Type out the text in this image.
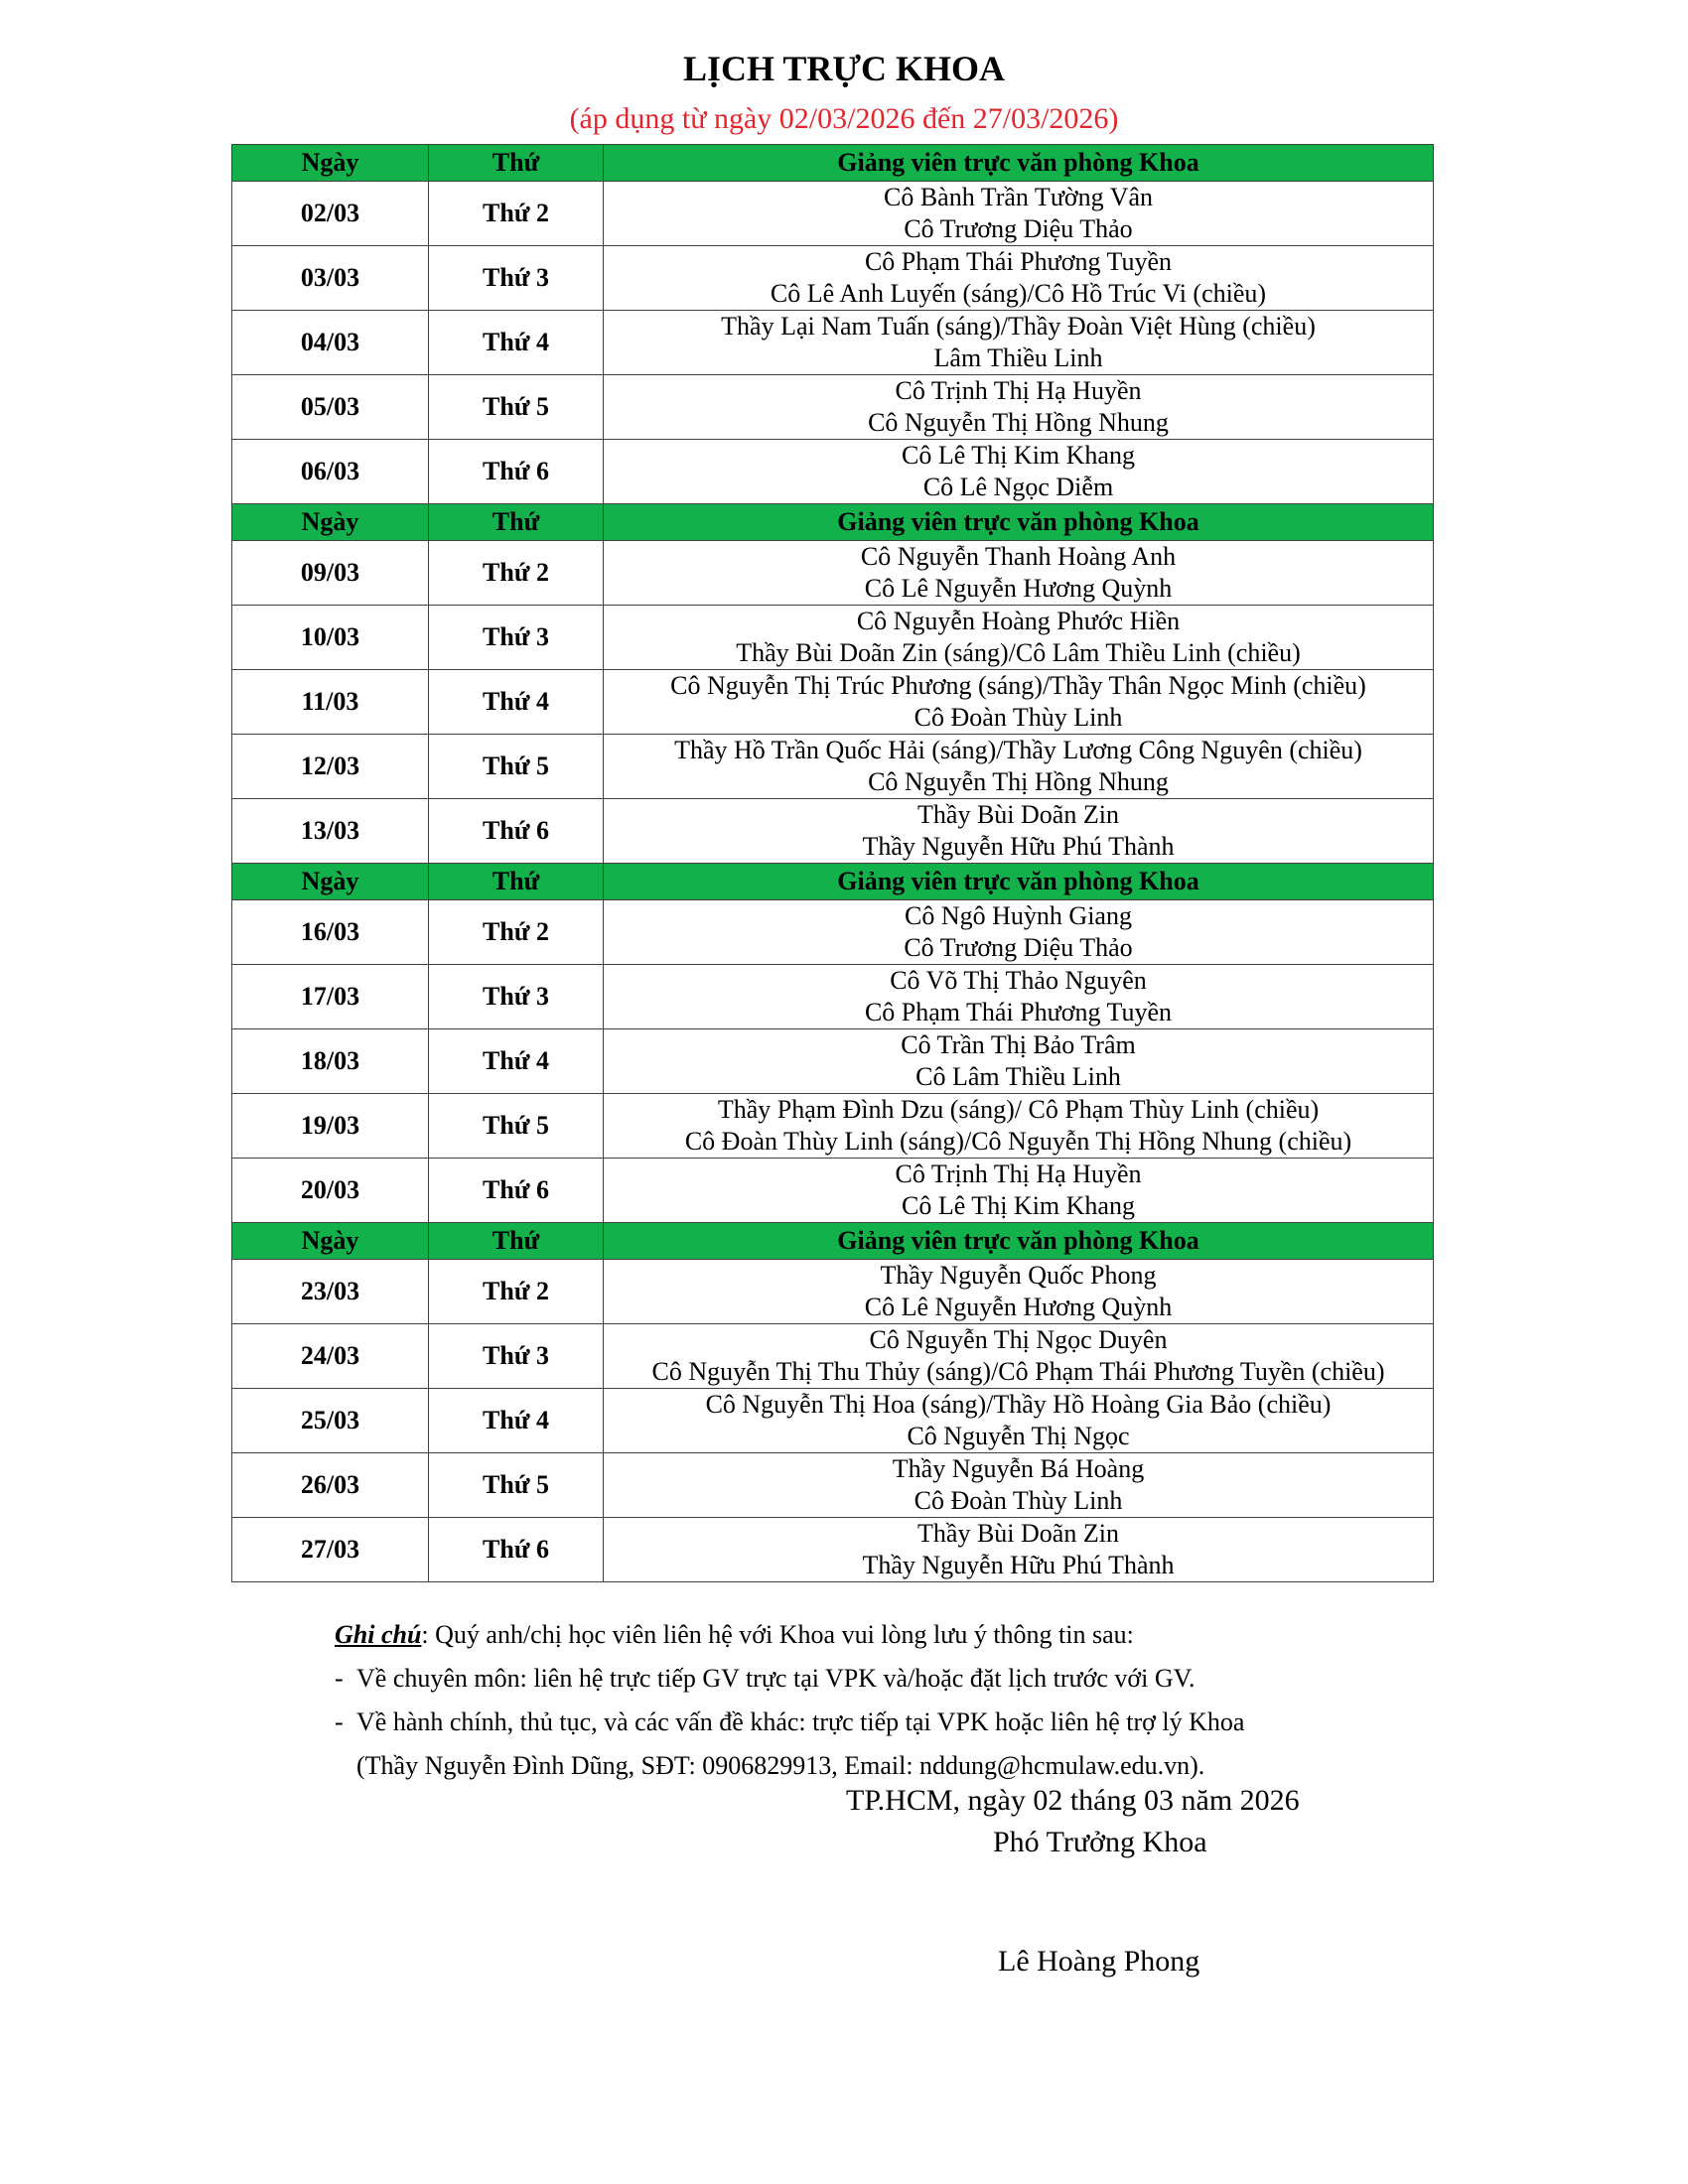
LỊCH TRỰC KHOA
(áp dụng từ ngày 02/03/2026 đến 27/03/2026)
Ngày	Thứ	Giảng viên trực văn phòng Khoa
02/03	Thứ 2	Cô Bành Trần Tường Vân
Cô Trương Diệu Thảo

03/03	Thứ 3	Cô Phạm Thái Phương Tuyền
Cô Lê Anh Luyến (sáng)/Cô Hồ Trúc Vi (chiều)

04/03	Thứ 4	Thầy Lại Nam Tuấn (sáng)/Thầy Đoàn Việt Hùng (chiều)
Lâm Thiều Linh

05/03	Thứ 5	Cô Trịnh Thị Hạ Huyền
Cô Nguyễn Thị Hồng Nhung

06/03	Thứ 6	Cô Lê Thị Kim Khang
Cô Lê Ngọc Diễm

Ngày	Thứ	Giảng viên trực văn phòng Khoa
09/03	Thứ 2	Cô Nguyễn Thanh Hoàng Anh
Cô Lê Nguyễn Hương Quỳnh

10/03	Thứ 3	Cô Nguyễn Hoàng Phước Hiền
Thầy Bùi Doãn Zin (sáng)/Cô Lâm Thiều Linh (chiều)

11/03	Thứ 4	Cô Nguyễn Thị Trúc Phương (sáng)/Thầy Thân Ngọc Minh (chiều)
Cô Đoàn Thùy Linh

12/03	Thứ 5	Thầy Hồ Trần Quốc Hải (sáng)/Thầy Lương Công Nguyên (chiều)
Cô Nguyễn Thị Hồng Nhung

13/03	Thứ 6	Thầy Bùi Doãn Zin
Thầy Nguyễn Hữu Phú Thành

Ngày	Thứ	Giảng viên trực văn phòng Khoa
16/03	Thứ 2	Cô Ngô Huỳnh Giang
Cô Trương Diệu Thảo

17/03	Thứ 3	Cô Võ Thị Thảo Nguyên
Cô Phạm Thái Phương Tuyền

18/03	Thứ 4	Cô Trần Thị Bảo Trâm
Cô Lâm Thiều Linh

19/03	Thứ 5	Thầy Phạm Đình Dzu (sáng)/ Cô Phạm Thùy Linh (chiều)
Cô Đoàn Thùy Linh (sáng)/Cô Nguyễn Thị Hồng Nhung (chiều)

20/03	Thứ 6	Cô Trịnh Thị Hạ Huyền
Cô Lê Thị Kim Khang

Ngày	Thứ	Giảng viên trực văn phòng Khoa
23/03	Thứ 2	Thầy Nguyễn Quốc Phong
Cô Lê Nguyễn Hương Quỳnh

24/03	Thứ 3	Cô Nguyễn Thị Ngọc Duyên
Cô Nguyễn Thị Thu Thủy (sáng)/Cô Phạm Thái Phương Tuyền (chiều)

25/03	Thứ 4	Cô Nguyễn Thị Hoa (sáng)/Thầy Hồ Hoàng Gia Bảo (chiều)
Cô Nguyễn Thị Ngọc

26/03	Thứ 5	Thầy Nguyễn Bá Hoàng
Cô Đoàn Thùy Linh

27/03	Thứ 6	Thầy Bùi Doãn Zin
Thầy Nguyễn Hữu Phú Thành

Ghi chú: Quý anh/chị học viên liên hệ với Khoa vui lòng lưu ý thông tin sau:

- Về chuyên môn: liên hệ trực tiếp GV trực tại VPK và/hoặc đặt lịch trước với GV.

- Về hành chính, thủ tục, và các vấn đề khác: trực tiếp tại VPK hoặc liên hệ trợ lý Khoa
(Thầy Nguyễn Đình Dũng, SĐT: 0906829913, Email: nddung@hcmulaw.edu.vn).

TP.HCM, ngày 02 tháng 03 năm 2026
Phó Trưởng Khoa
Lê Hoàng Phong
